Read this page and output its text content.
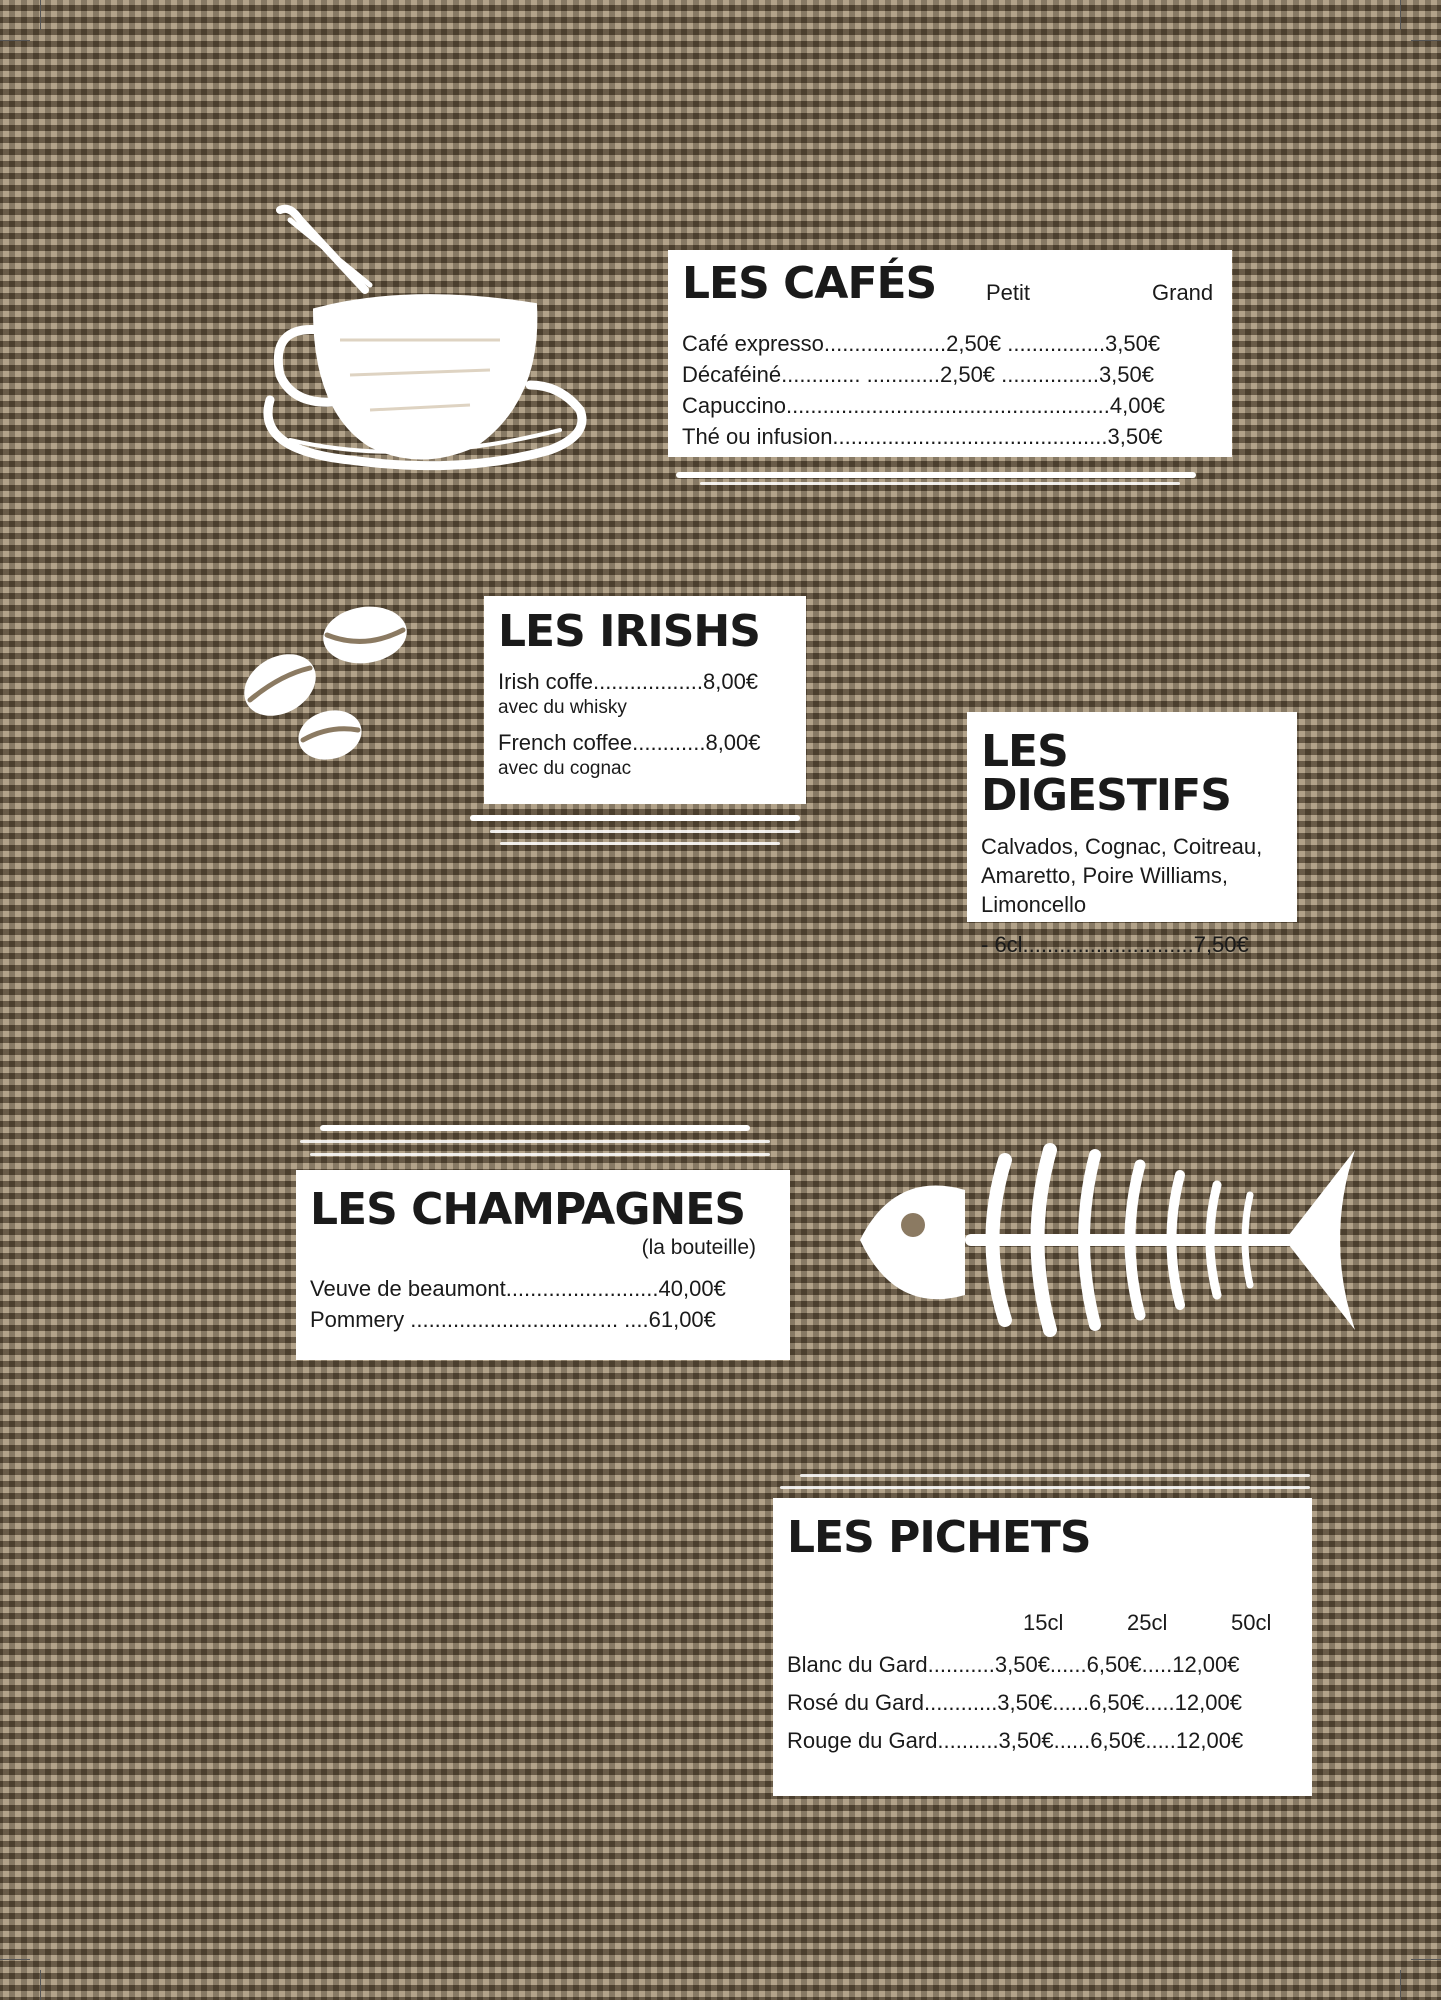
LES CAFÉS	Petit	Grand
Café expresso....................2,50€ ................3,50€
Décaféiné............. ............2,50€ ................3,50€
Capuccino.....................................................4,00€
Thé ou infusion.............................................3,50€
LES IRISHS
Irish coffe..................8,00€
avec du whisky
French coffee............8,00€
avec du cognac	LES DIGESTIFS
Calvados, Cognac, Coitreau,
Amaretto, Poire Williams,
Limoncello
- 6cl............................7,50€
LES CHAMPAGNES
(la bouteille)
Veuve de beaumont.........................40,00€
Pommery .................................. ....61,00€
LES PICHETS
15cl	25cl	50cl
Blanc du Gard...........3,50€......6,50€.....12,00€
Rosé du Gard............3,50€......6,50€.....12,00€
Rouge du Gard..........3,50€......6,50€.....12,00€
